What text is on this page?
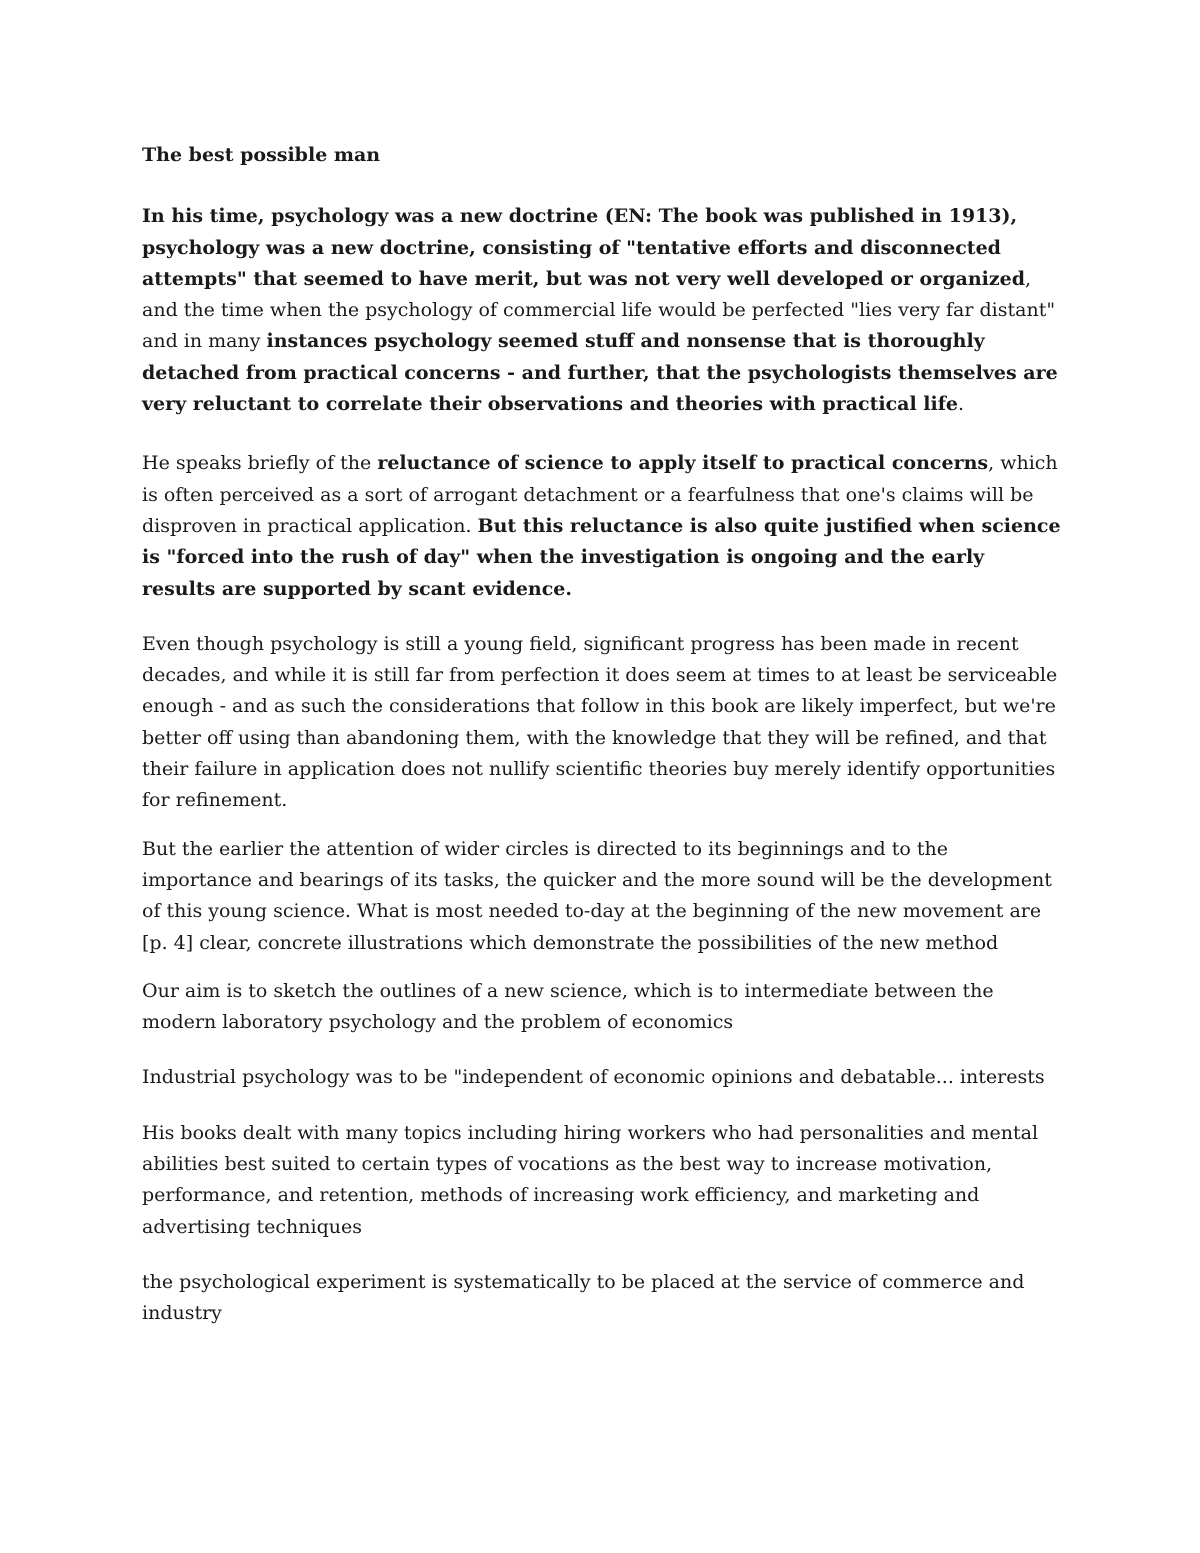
The best possible man

In his time, psychology was a new doctrine (EN: The book was published in 1913), psychology was a new doctrine, consisting of "tentative efforts and disconnected attempts" that seemed to have merit, but was not very well developed or organized, and the time when the psychology of commercial life would be perfected "lies very far distant" and in many instances psychology seemed stuff and nonsense that is thoroughly detached from practical concerns - and further, that the psychologists themselves are very reluctant to correlate their observations and theories with practical life.

He speaks briefly of the reluctance of science to apply itself to practical concerns, which is often perceived as a sort of arrogant detachment or a fearfulness that one's claims will be disproven in practical application. But this reluctance is also quite justified when science is "forced into the rush of day" when the investigation is ongoing and the early results are supported by scant evidence.

Even though psychology is still a young field, significant progress has been made in recent decades, and while it is still far from perfection it does seem at times to at least be serviceable enough - and as such the considerations that follow in this book are likely imperfect, but we're better off using than abandoning them, with the knowledge that they will be refined, and that their failure in application does not nullify scientific theories buy merely identify opportunities for refinement.

But the earlier the attention of wider circles is directed to its beginnings and to the importance and bearings of its tasks, the quicker and the more sound will be the development of this young science. What is most needed to-day at the beginning of the new movement are [p. 4] clear, concrete illustrations which demonstrate the possibilities of the new method

Our aim is to sketch the outlines of a new science, which is to intermediate between the modern laboratory psychology and the problem of economics

Industrial psychology was to be "independent of economic opinions and debatable... interests

His books dealt with many topics including hiring workers who had personalities and mental abilities best suited to certain types of vocations as the best way to increase motivation, performance, and retention, methods of increasing work efficiency, and marketing and advertising techniques

the psychological experiment is systematically to be placed at the service of commerce and industry
